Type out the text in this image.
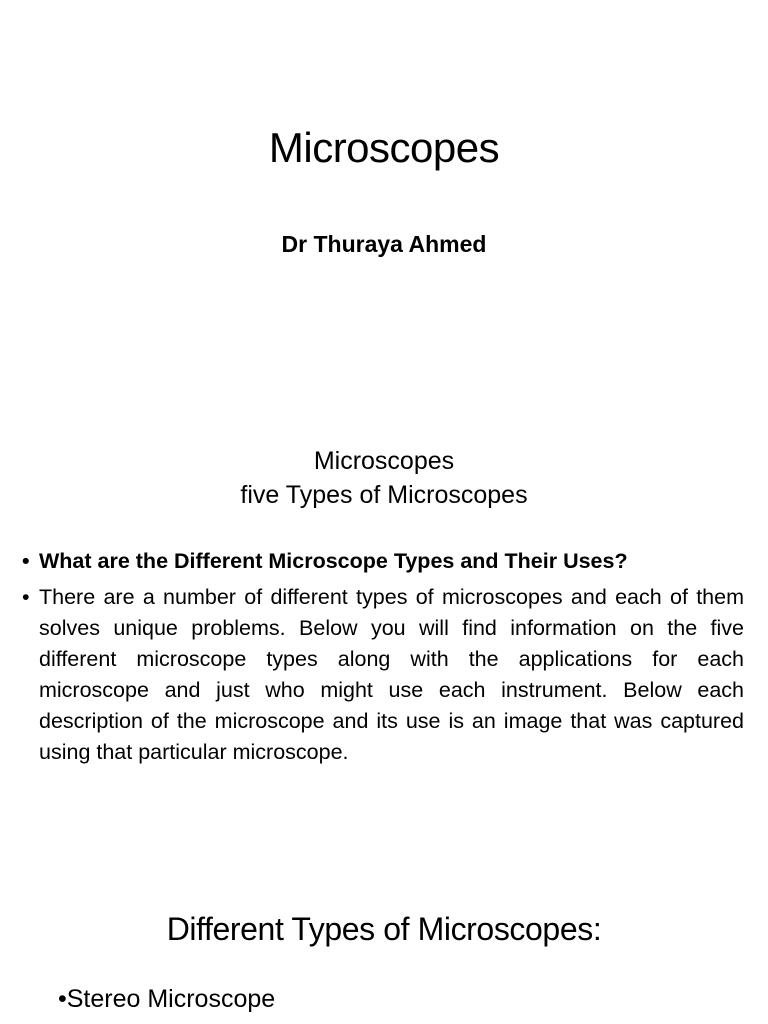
Microscopes
Dr Thuraya Ahmed
Microscopes
five Types of Microscopes
• What are the Different Microscope Types and Their Uses?
• There are a number of different types of microscopes and each of them solves unique problems. Below you will find information on the five different microscope types along with the applications for each microscope and just who might use each instrument. Below each description of the microscope and its use is an image that was captured using that particular microscope.
Different Types of Microscopes:
•Stereo Microscope
